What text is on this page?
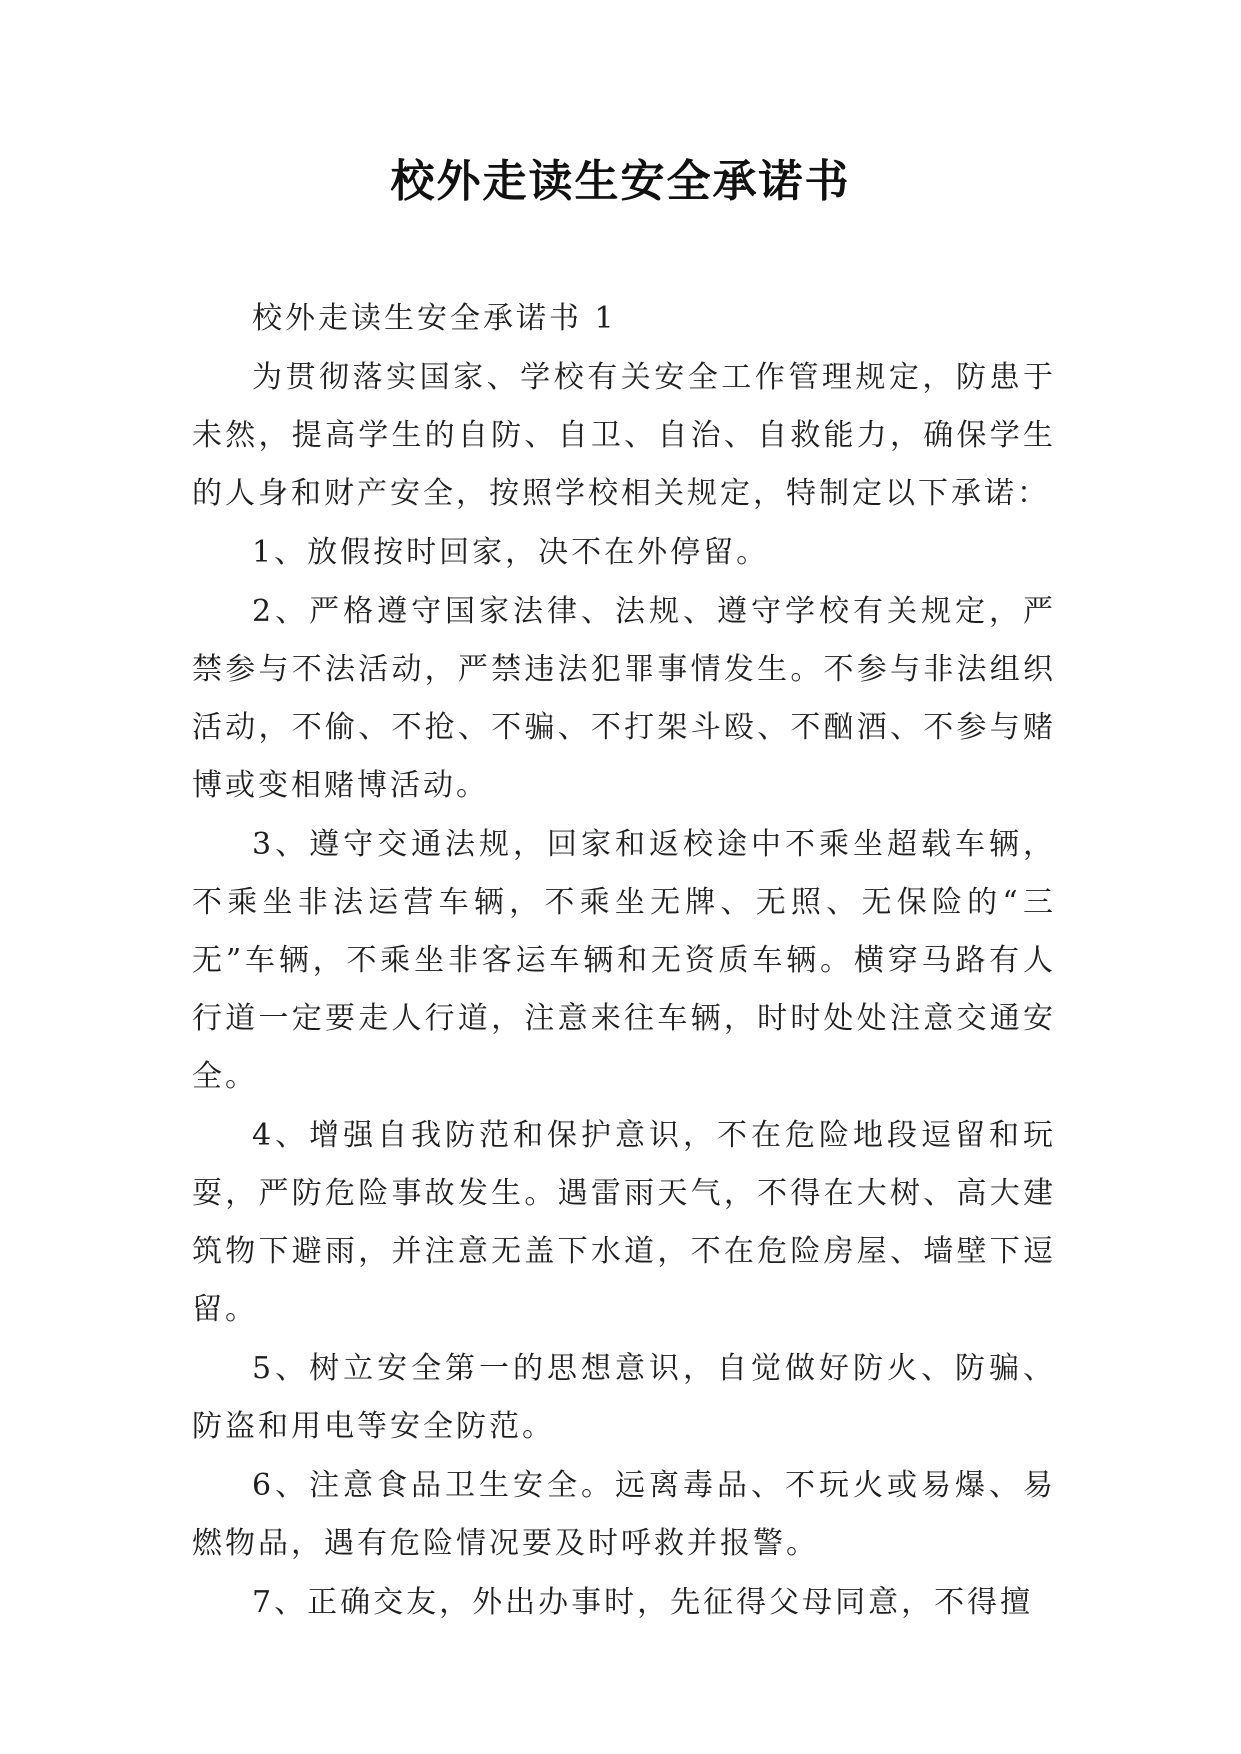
校外走读生安全承诺书

校外走读生安全承诺书 1

为贯彻落实国家、学校有关安全工作管理规定，防患于未然，提高学生的自防、自卫、自治、自救能力，确保学生的人身和财产安全，按照学校相关规定，特制定以下承诺：

1、放假按时回家，决不在外停留。

2、严格遵守国家法律、法规、遵守学校有关规定，严禁参与不法活动，严禁违法犯罪事情发生。不参与非法组织活动，不偷、不抢、不骗、不打架斗殴、不酗酒、不参与赌博或变相赌博活动。

3、遵守交通法规，回家和返校途中不乘坐超载车辆，不乘坐非法运营车辆，不乘坐无牌、无照、无保险的“三无”车辆，不乘坐非客运车辆和无资质车辆。横穿马路有人行道一定要走人行道，注意来往车辆，时时处处注意交通安全。

4、增强自我防范和保护意识，不在危险地段逗留和玩耍，严防危险事故发生。遇雷雨天气，不得在大树、高大建筑物下避雨，并注意无盖下水道，不在危险房屋、墙壁下逗留。

5、树立安全第一的思想意识，自觉做好防火、防骗、防盗和用电等安全防范。

6、注意食品卫生安全。远离毒品、不玩火或易爆、易燃物品，遇有危险情况要及时呼救并报警。

7、正确交友，外出办事时，先征得父母同意，不得擅
